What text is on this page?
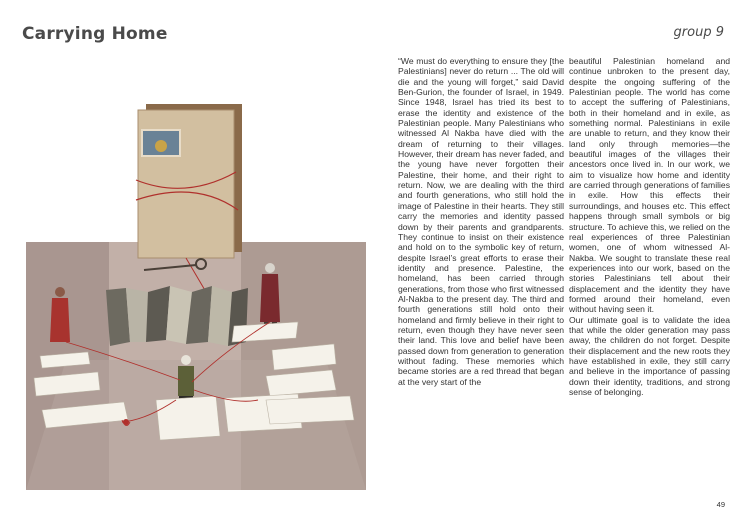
Carrying Home	group 9

“We must do everything to ensure they [the Palestinians] never do return ... The old will die and the young will forget,” said David Ben-Gurion, the founder of Israel, in 1949. Since 1948, Israel has tried its best to erase the identity and existence of the Palestinian people. Many Palestinians who witnessed Al Nakba have died with the dream of returning to their villages. However, their dream has never faded, and the young have never forgotten their Palestine, their home, and their right to return. Now, we are dealing with the third and fourth generations, who still hold the image of Palestine in their hearts. They still carry the memories and identity passed down by their parents and grandparents. They continue to insist on their existence and hold on to the symbolic key of return, despite Israel’s great efforts to erase their identity and presence. Palestine, the homeland, has been carried through generations, from those who first witnessed Al-Nakba to the present day. The third and fourth generations still hold onto their homeland and firmly believe in their right to return, even though they have never seen their land. This love and belief have been passed down from generation to generation without fading. These memories which became stories are a red thread that began at the very start of the

beautiful Palestinian homeland and continue unbroken to the present day, despite the ongoing suffering of the Palestinian people. The world has come to accept the suffering of Palestinians, both in their homeland and in exile, as something normal. Palestinians in exile are unable to return, and they know their land only through memories—the beautiful images of the villages their ancestors once lived in. In our work, we aim to visualize how home and identity are carried through generations of families in exile. How this effects their surroundings, and houses etc. This effect happens through small symbols or big structure. To achieve this, we relied on the real experiences of three Palestinian women, one of whom witnessed Al-Nakba. We sought to translate these real experiences into our work, based on the stories Palestinians tell about their displacement and the identity they have formed around their homeland, even without having seen it.

Our ultimate goal is to validate the idea that while the older generation may pass away, the children do not forget. Despite their displacement and the new roots they have established in exile, they still carry and believe in the importance of passing down their identity, traditions, and strong sense of belonging.

49
